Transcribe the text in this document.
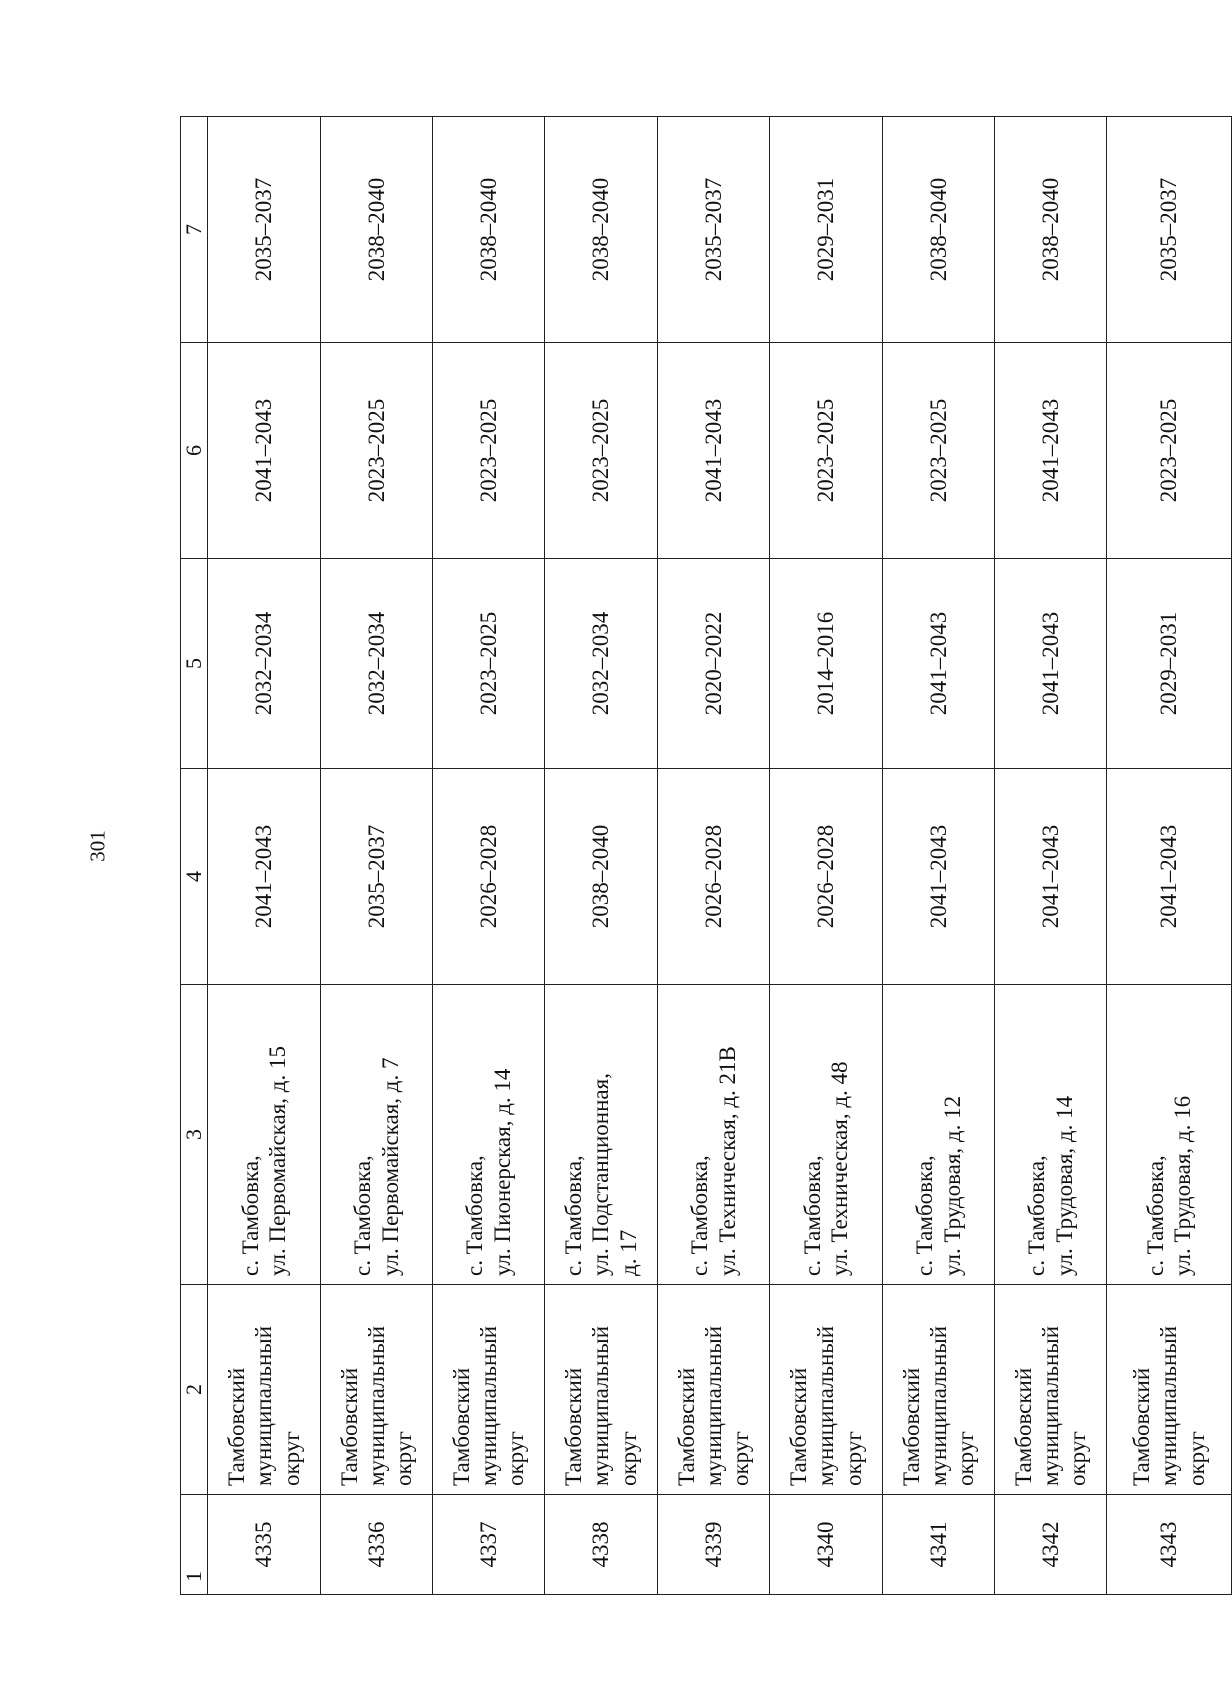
301
1	2	3	4	5	6	7
4335	Тамбовский муниципальный округ	с. Тамбовка, ул. Первомайская, д. 15	2041–2043	2032–2034	2041–2043	2035–2037
4336	Тамбовский муниципальный округ	с. Тамбовка, ул. Первомайская, д. 7	2035–2037	2032–2034	2023–2025	2038–2040
4337	Тамбовский муниципальный округ	с. Тамбовка, ул. Пионерская, д. 14	2026–2028	2023–2025	2023–2025	2038–2040
4338	Тамбовский муниципальный округ	с. Тамбовка, ул. Подстанционная, д. 17	2038–2040	2032–2034	2023–2025	2038–2040
4339	Тамбовский муниципальный округ	с. Тамбовка, ул. Техническая, д. 21В	2026–2028	2020–2022	2041–2043	2035–2037
4340	Тамбовский муниципальный округ	с. Тамбовка, ул. Техническая, д. 48	2026–2028	2014–2016	2023–2025	2029–2031
4341	Тамбовский муниципальный округ	с. Тамбовка, ул. Трудовая, д. 12	2041–2043	2041–2043	2023–2025	2038–2040
4342	Тамбовский муниципальный округ	с. Тамбовка, ул. Трудовая, д. 14	2041–2043	2041–2043	2041–2043	2038–2040
4343	Тамбовский муниципальный округ	с. Тамбовка, ул. Трудовая, д. 16	2041–2043	2029–2031	2023–2025	2035–2037
